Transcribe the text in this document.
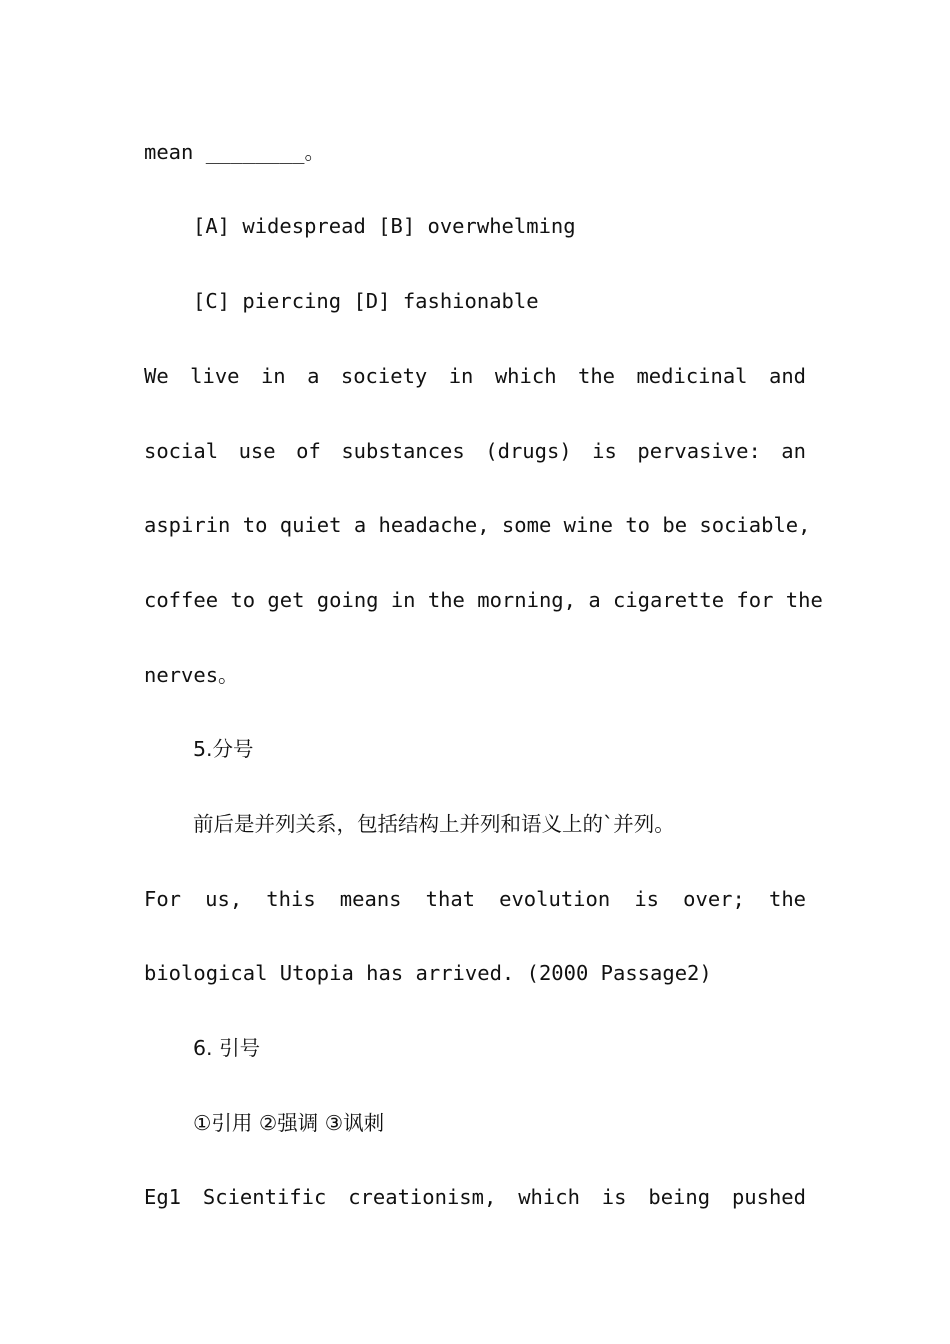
mean ________。
[A] widespread [B] overwhelming
[C] piercing [D] fashionable
We live in a society in which the medicinal and
social use of substances (drugs) is pervasive: an
aspirin to quiet a headache, some wine to be sociable,
coffee to get going in the morning, a cigarette for the
nerves。
5.分号
前后是并列关系，包括结构上并列和语义上的`并列。
For us, this means that evolution is over; the
biological Utopia has arrived. (2000 Passage2)
6. 引号
①引用 ②强调 ③讽刺
Eg1 Scientific creationism, which is being pushed
